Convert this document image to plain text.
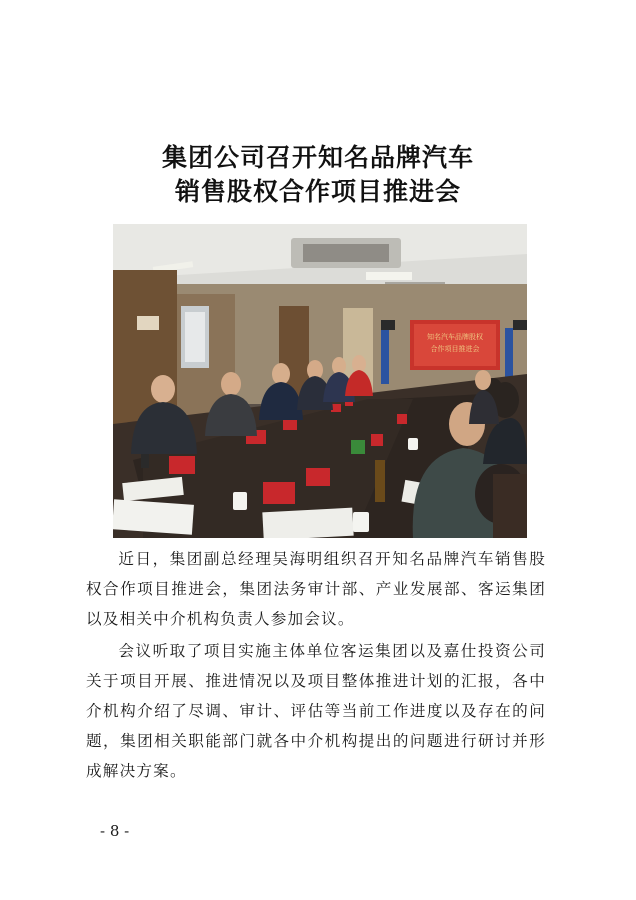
集团公司召开知名品牌汽车
销售股权合作项目推进会
知名汽车品牌股权
合作项目推进会
近日，集团副总经理吴海明组织召开知名品牌汽车销售股权合作项目推进会，集团法务审计部、产业发展部、客运集团以及相关中介机构负责人参加会议。
会议听取了项目实施主体单位客运集团以及嘉仕投资公司关于项目开展、推进情况以及项目整体推进计划的汇报，各中介机构介绍了尽调、审计、评估等当前工作进度以及存在的问题，集团相关职能部门就各中介机构提出的问题进行研讨并形成解决方案。
- 8 -
